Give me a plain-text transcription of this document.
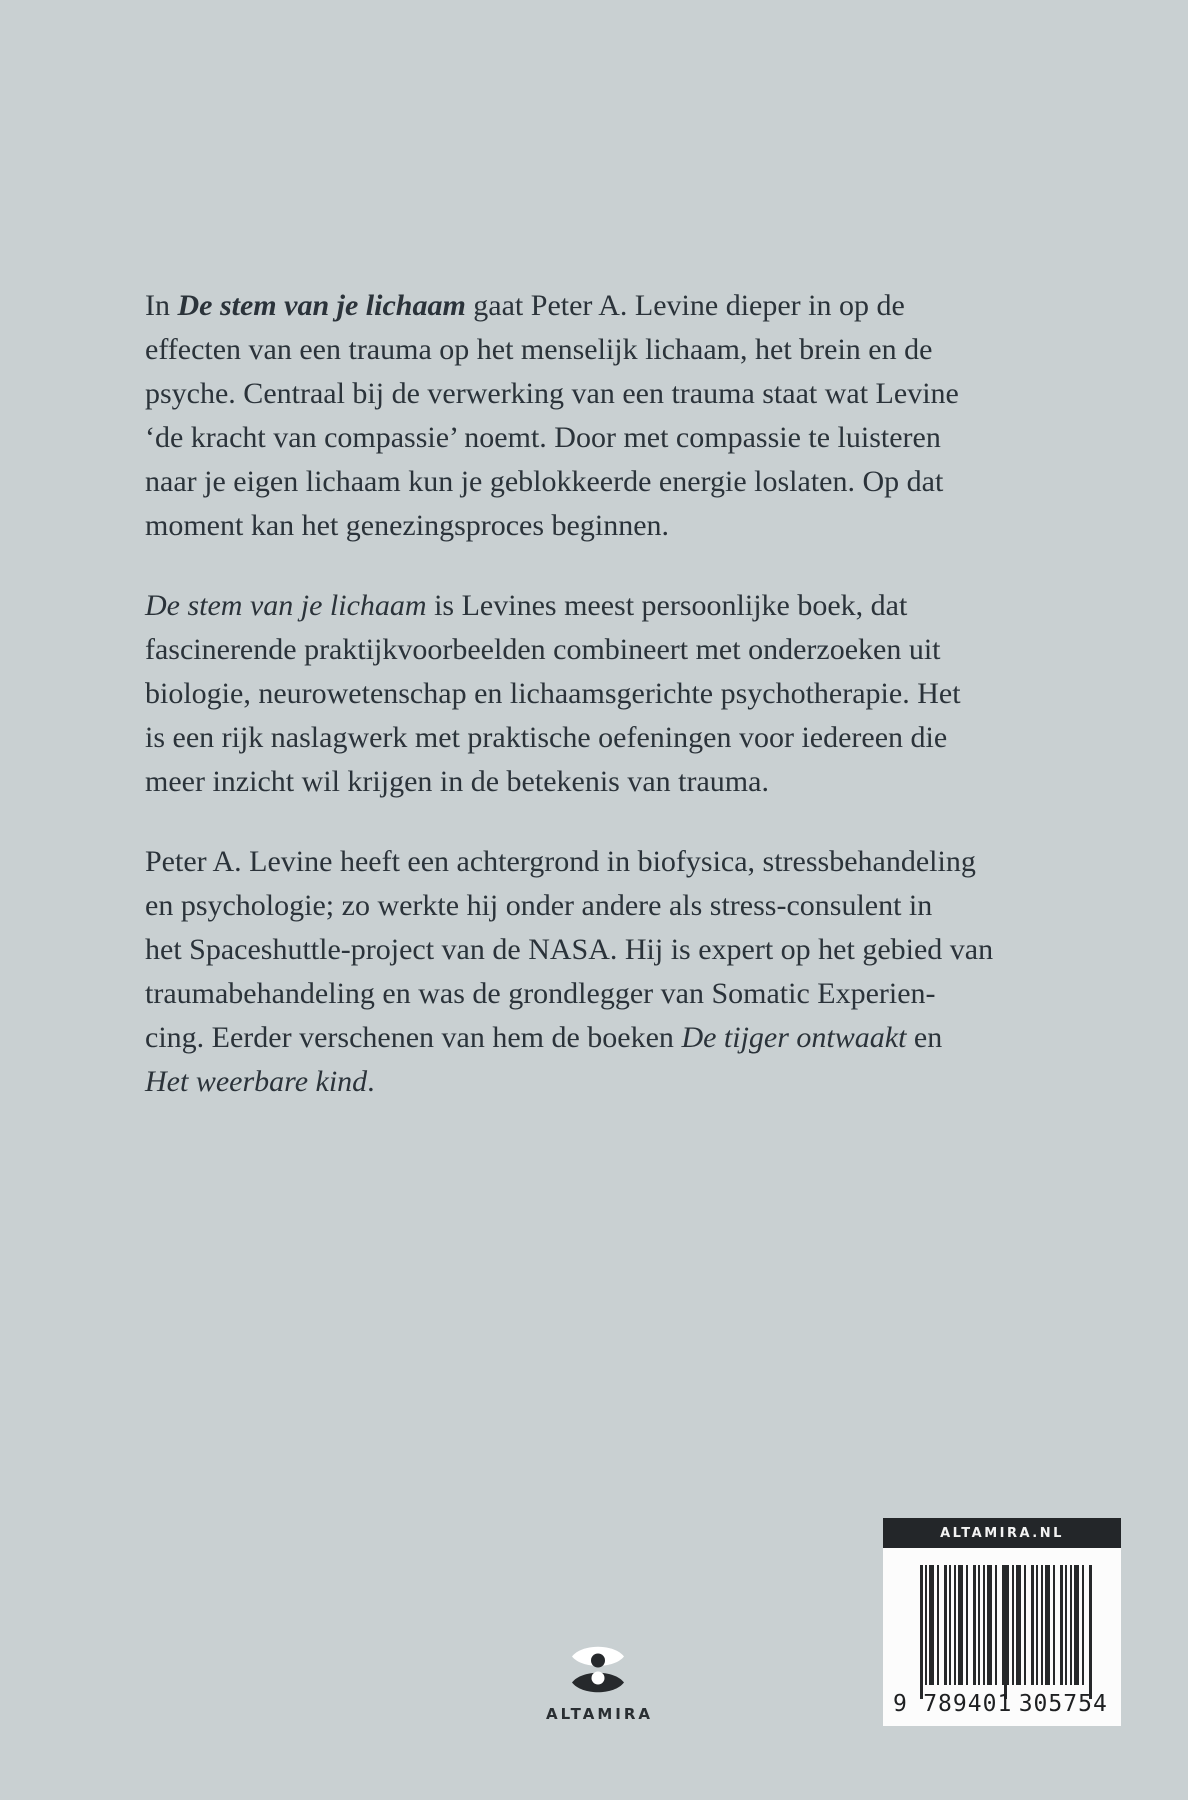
In De stem van je lichaam gaat Peter A. Levine dieper in op de
effecten van een trauma op het menselijk lichaam, het brein en de
psyche. Centraal bij de verwerking van een trauma staat wat Levine
‘de kracht van compassie’ noemt. Door met compassie te luisteren
naar je eigen lichaam kun je geblokkeerde energie loslaten. Op dat
moment kan het genezingsproces beginnen.

De stem van je lichaam is Levines meest persoonlijke boek, dat
fascinerende praktijkvoorbeelden combineert met onderzoeken uit
biologie, neurowetenschap en lichaamsgerichte psychotherapie. Het
is een rijk naslagwerk met praktische oefeningen voor iedereen die
meer inzicht wil krijgen in de betekenis van trauma.

Peter A. Levine heeft een achtergrond in biofysica, stressbehandeling
en psychologie; zo werkte hij onder andere als stress-consulent in
het Spaceshuttle-project van de NASA. Hij is expert op het gebied van
traumabehandeling en was de grondlegger van Somatic Experien-
cing. Eerder verschenen van hem de boeken De tijger ontwaakt en
Het weerbare kind.

ALTAMIRA
ALTAMIRA.NL
9 789401 305754
